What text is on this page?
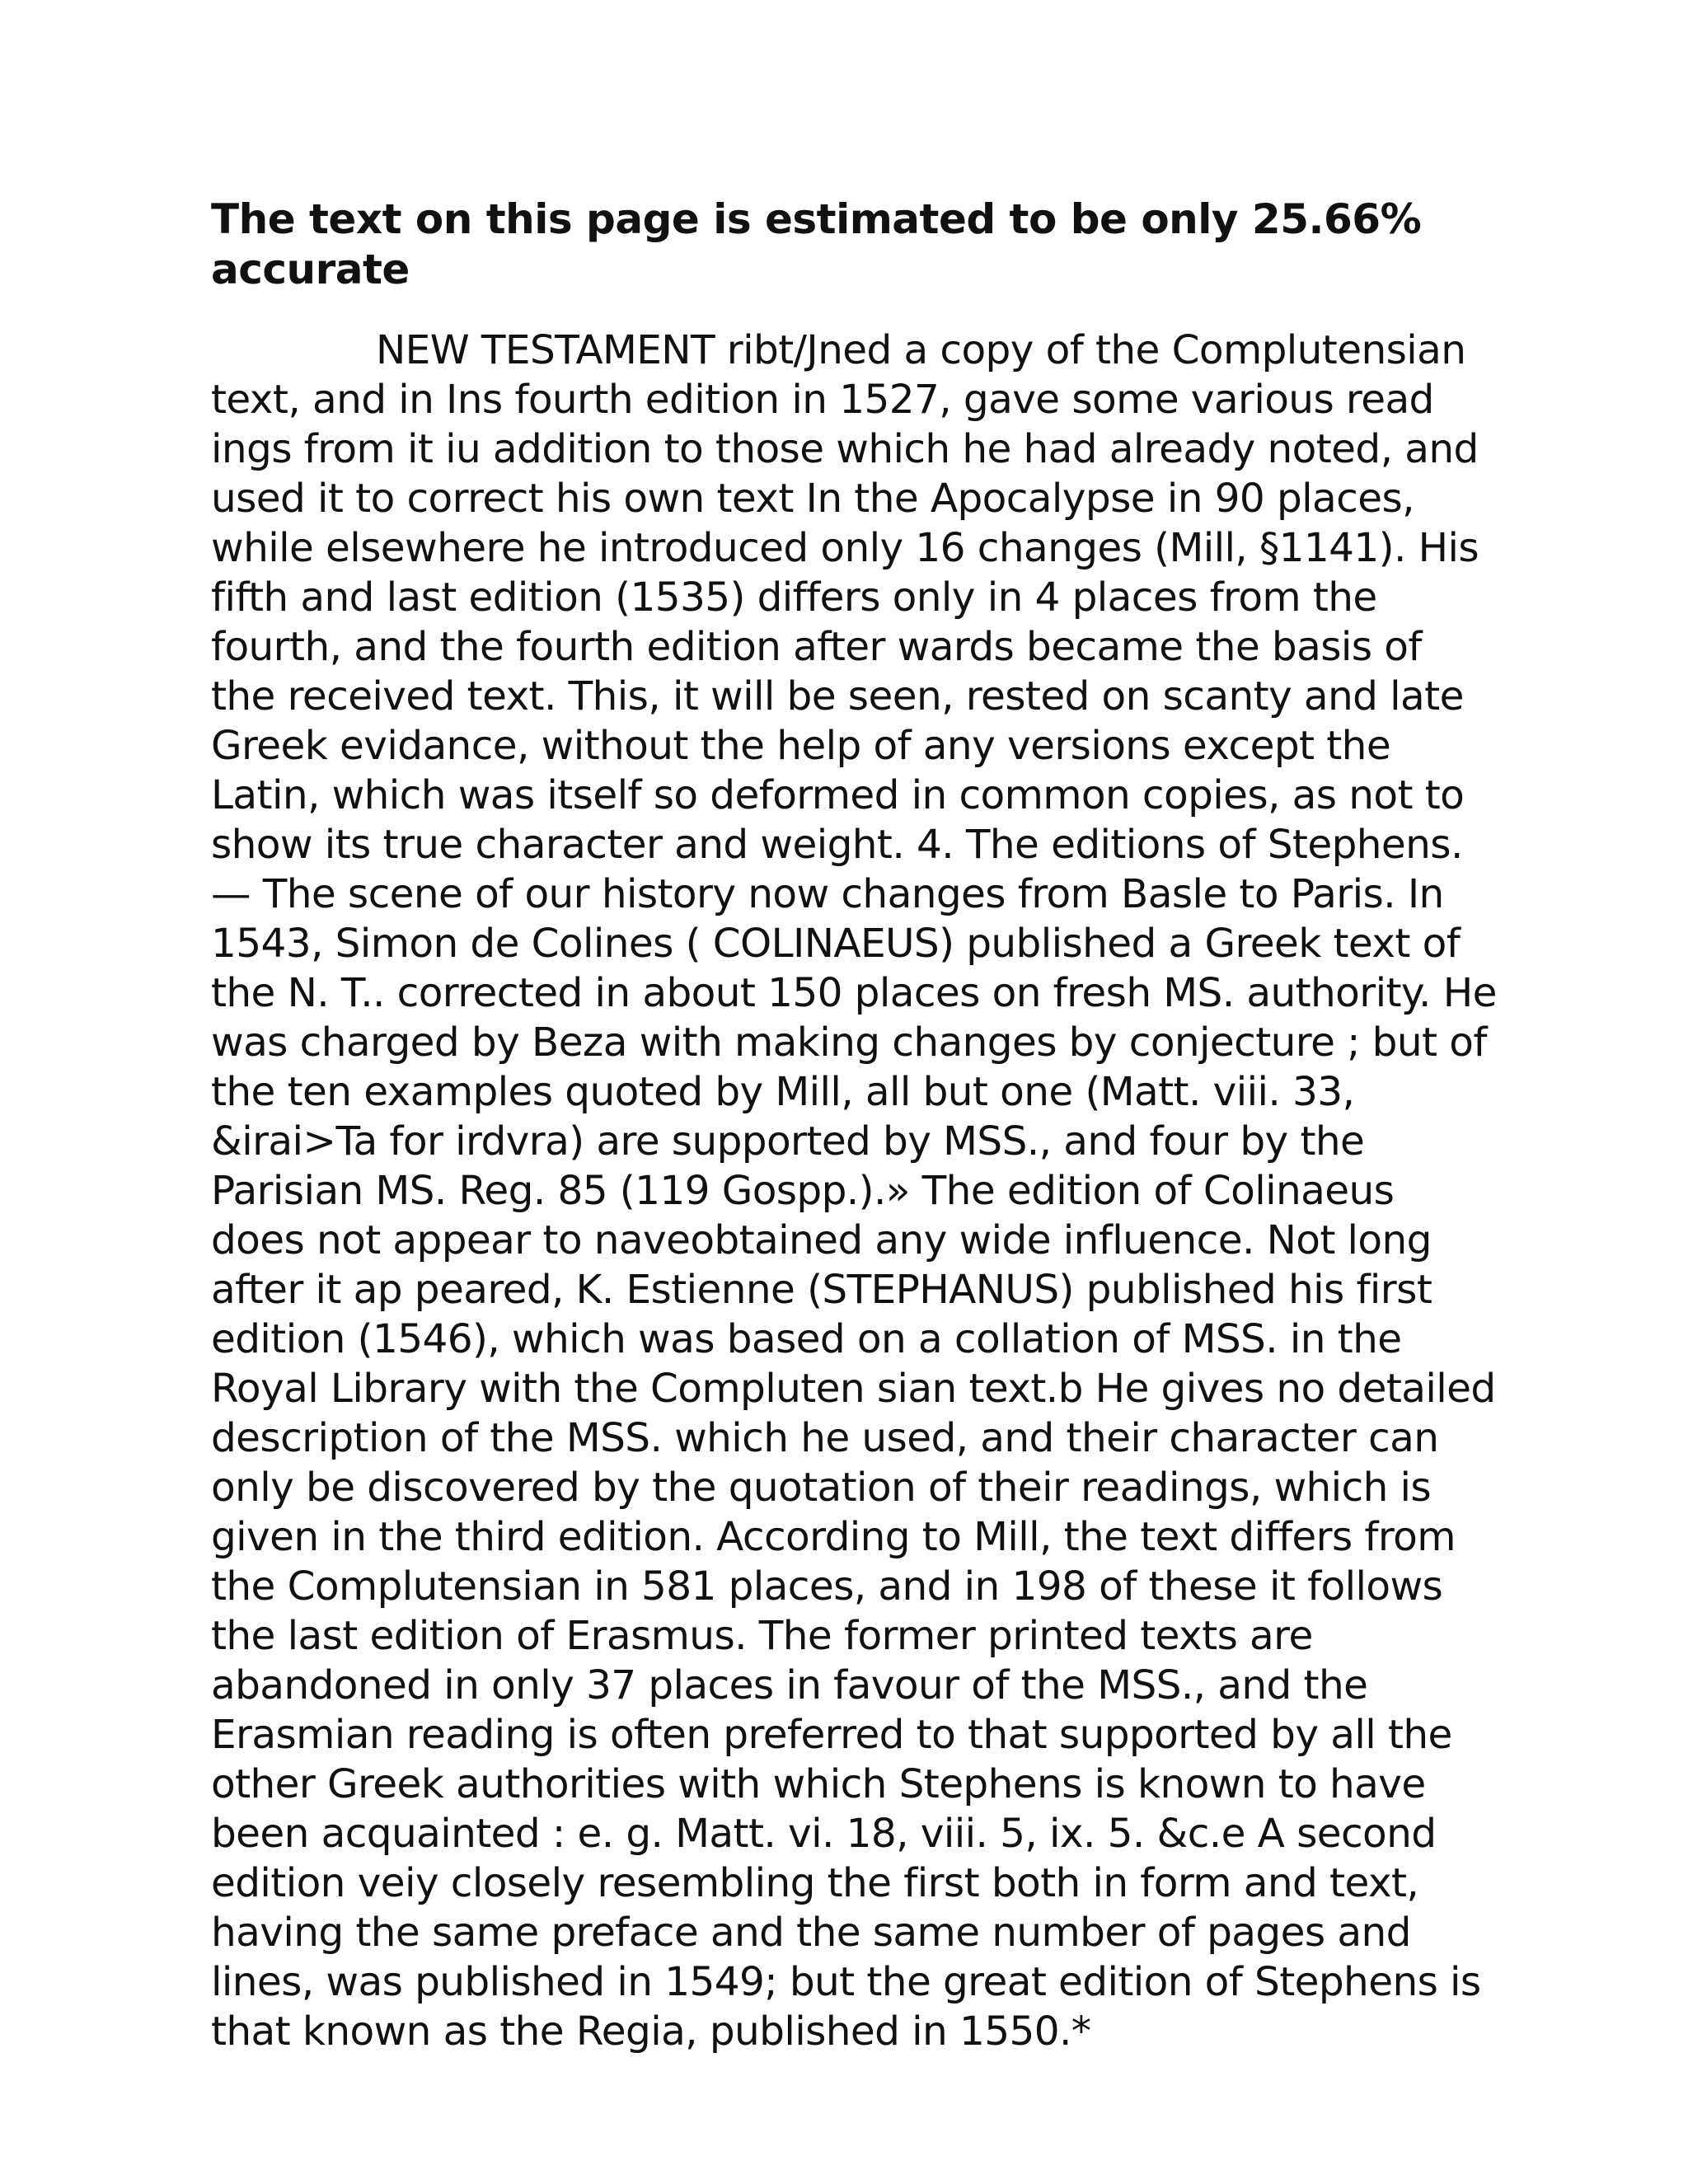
The text on this page is estimated to be only 25.66% accurate

NEW TESTAMENT ribt/Jned a copy of the Complutensian text, and in Ins fourth edition in 1527, gave some various read ings from it iu addition to those which he had already noted, and used it to correct his own text In the Apocalypse in 90 places, while elsewhere he introduced only 16 changes (Mill, §1141). His fifth and last edition (1535) differs only in 4 places from the fourth, and the fourth edition after wards became the basis of the received text. This, it will be seen, rested on scanty and late Greek evidance, without the help of any versions except the Latin, which was itself so deformed in common copies, as not to show its true character and weight. 4. The editions of Stephens. — The scene of our history now changes from Basle to Paris. In 1543, Simon de Colines ( COLINAEUS) published a Greek text of the N. T.. corrected in about 150 places on fresh MS. authority. He was charged by Beza with making changes by conjecture ; but of the ten examples quoted by Mill, all but one (Matt. viii. 33, &irai>Ta for irdvra) are supported by MSS., and four by the Parisian MS. Reg. 85 (119 Gospp.).» The edition of Colinaeus does not appear to naveobtained any wide influence. Not long after it ap peared, K. Estienne (STEPHANUS) published his first edition (1546), which was based on a collation of MSS. in the Royal Library with the Compluten sian text.b He gives no detailed description of the MSS. which he used, and their character can only be discovered by the quotation of their readings, which is given in the third edition. According to Mill, the text differs from the Complutensian in 581 places, and in 198 of these it follows the last edition of Erasmus. The former printed texts are abandoned in only 37 places in favour of the MSS., and the Erasmian reading is often preferred to that supported by all the other Greek authorities with which Stephens is known to have been acquainted : e. g. Matt. vi. 18, viii. 5, ix. 5. &c.e A second edition veiy closely resembling the first both in form and text, having the same preface and the same number of pages and lines, was published in 1549; but the great edition of Stephens is that known as the Regia, published in 1550.*
